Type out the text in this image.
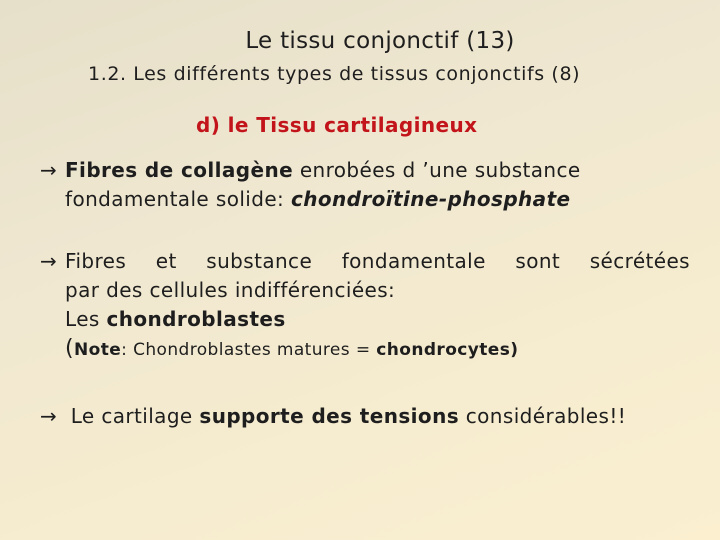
Le tissu conjonctif (13)
1.2. Les différents types de tissus conjonctifs (8)
d) le Tissu cartilagineux
→ Fibres de collagène enrobées d ’une substance
fondamentale solide: chondroïtine-phosphate
→ Fibres et substance fondamentale sont sécrétées
par des cellules indifférenciées:
Les chondroblastes
(Note: Chondroblastes matures = chondrocytes)
→ Le cartilage supporte des tensions considérables!!
